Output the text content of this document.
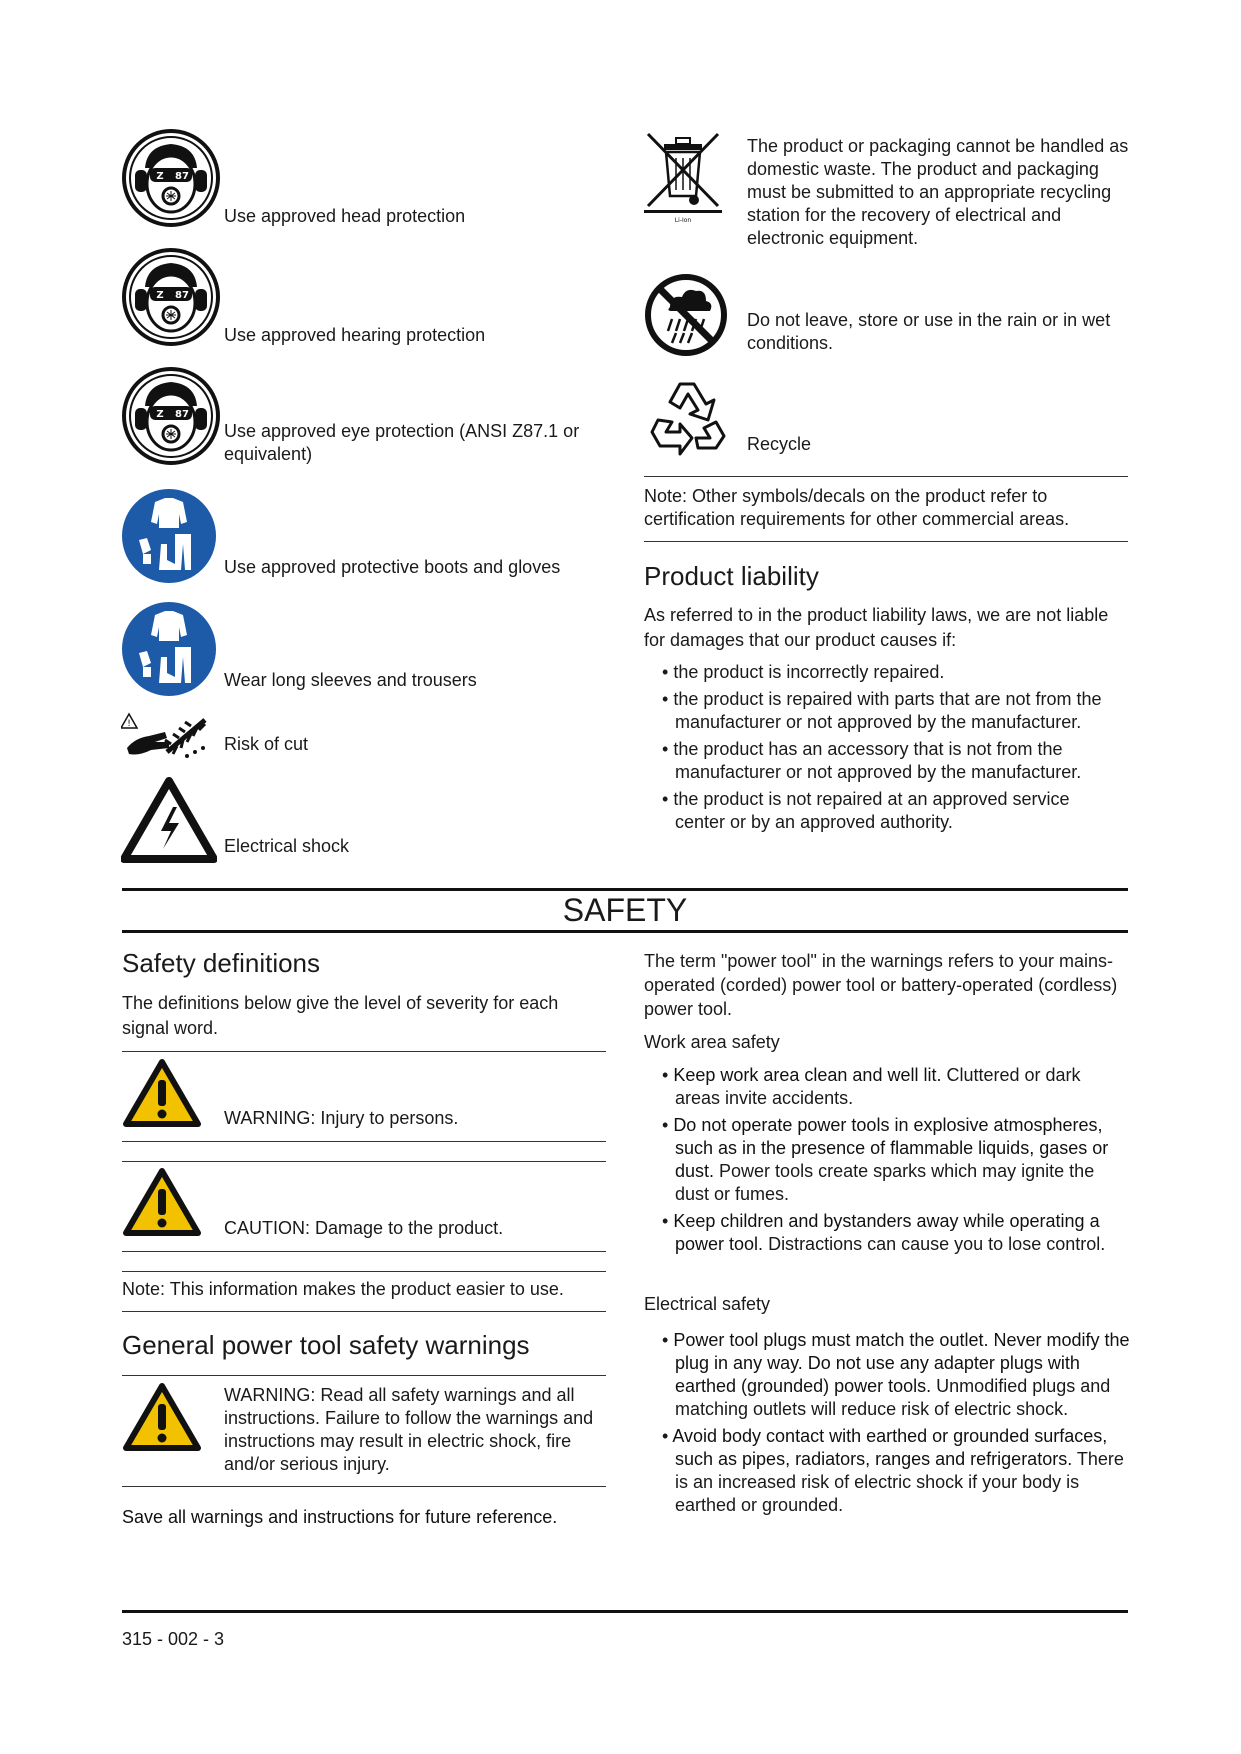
Z 87
Use approved head protection
Z 87
Use approved hearing protection
Z 87
Use approved eye protection (ANSI Z87.1 or equivalent)
Use approved protective boots and gloves
Wear long sleeves and trousers
!
Risk of cut
Electrical shock
Li-Ion
The product or packaging cannot be handled as domestic waste. The product and packaging must be submitted to an appropriate recycling station for the recovery of electrical and electronic equipment.
Do not leave, store or use in the rain or in wet conditions.
Recycle
Note: Other symbols/decals on the product refer to certification requirements for other commercial areas.
Product liability
As referred to in the product liability laws, we are not liable for damages that our product causes if:
• the product is incorrectly repaired.
• the product is repaired with parts that are not from the manufacturer or not approved by the manufacturer.
• the product has an accessory that is not from the manufacturer or not approved by the manufacturer.
• the product is not repaired at an approved service center or by an approved authority.
SAFETY
Safety definitions
The definitions below give the level of severity for each signal word.
WARNING: Injury to persons.
CAUTION: Damage to the product.
Note: This information makes the product easier to use.
General power tool safety warnings
WARNING: Read all safety warnings and all instructions. Failure to follow the warnings and instructions may result in electric shock, fire and/or serious injury.
Save all warnings and instructions for future reference.
The term "power tool" in the warnings refers to your mains-operated (corded) power tool or battery-operated (cordless) power tool.
Work area safety
• Keep work area clean and well lit. Cluttered or dark areas invite accidents.
• Do not operate power tools in explosive atmospheres, such as in the presence of flammable liquids, gases or dust. Power tools create sparks which may ignite the dust or fumes.
• Keep children and bystanders away while operating a power tool. Distractions can cause you to lose control.
Electrical safety
• Power tool plugs must match the outlet. Never modify the plug in any way. Do not use any adapter plugs with earthed (grounded) power tools. Unmodified plugs and matching outlets will reduce risk of electric shock.
• Avoid body contact with earthed or grounded surfaces, such as pipes, radiators, ranges and refrigerators. There is an increased risk of electric shock if your body is earthed or grounded.
315 - 002 - 3
